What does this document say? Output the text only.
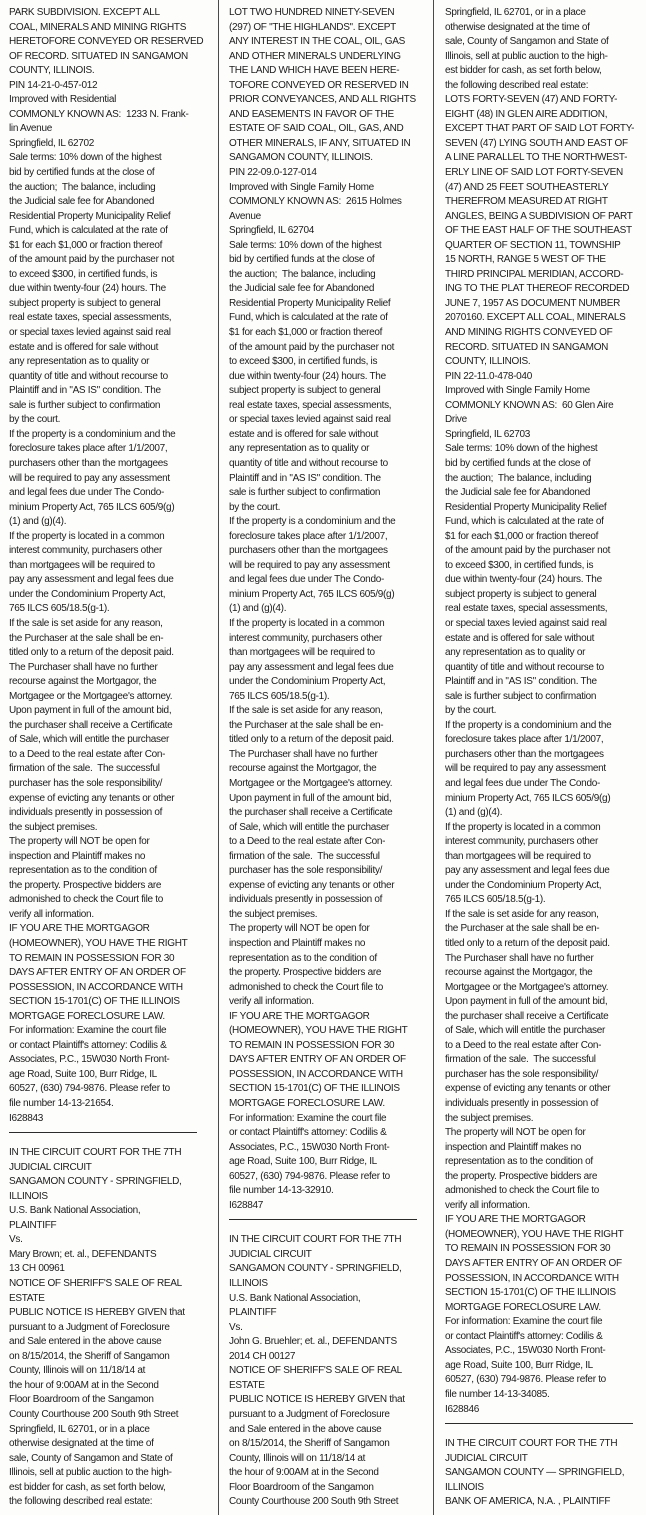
PARK SUBDIVISION. EXCEPT ALL
COAL, MINERALS AND MINING RIGHTS
HERETOFORE CONVEYED OR RESERVED
OF RECORD. SITUATED IN SANGAMON
COUNTY, ILLINOIS.
PIN 14-21-0-457-012
Improved with Residential
COMMONLY KNOWN AS:  1233 N. Frank-
lin Avenue
Springfield, IL 62702
Sale terms: 10% down of the highest
bid by certified funds at the close of
the auction;  The balance, including
the Judicial sale fee for Abandoned
Residential Property Municipality Relief
Fund, which is calculated at the rate of
$1 for each $1,000 or fraction thereof
of the amount paid by the purchaser not
to exceed $300, in certified funds, is
due within twenty-four (24) hours. The
subject property is subject to general
real estate taxes, special assessments,
or special taxes levied against said real
estate and is offered for sale without
any representation as to quality or
quantity of title and without recourse to
Plaintiff and in "AS IS" condition. The
sale is further subject to confirmation
by the court.
If the property is a condominium and the
foreclosure takes place after 1/1/2007,
purchasers other than the mortgagees
will be required to pay any assessment
and legal fees due under The Condo-
minium Property Act, 765 ILCS 605/9(g)
(1) and (g)(4).
If the property is located in a common
interest community, purchasers other
than mortgagees will be required to
pay any assessment and legal fees due
under the Condominium Property Act,
765 ILCS 605/18.5(g-1).
If the sale is set aside for any reason,
the Purchaser at the sale shall be en-
titled only to a return of the deposit paid.
The Purchaser shall have no further
recourse against the Mortgagor, the
Mortgagee or the Mortgagee's attorney.
Upon payment in full of the amount bid,
the purchaser shall receive a Certificate
of Sale, which will entitle the purchaser
to a Deed to the real estate after Con-
firmation of the sale.  The successful
purchaser has the sole responsibility/
expense of evicting any tenants or other
individuals presently in possession of
the subject premises.
The property will NOT be open for
inspection and Plaintiff makes no
representation as to the condition of
the property. Prospective bidders are
admonished to check the Court file to
verify all information.
IF YOU ARE THE MORTGAGOR
(HOMEOWNER), YOU HAVE THE RIGHT
TO REMAIN IN POSSESSION FOR 30
DAYS AFTER ENTRY OF AN ORDER OF
POSSESSION, IN ACCORDANCE WITH
SECTION 15-1701(C) OF THE ILLINOIS
MORTGAGE FORECLOSURE LAW.
For information: Examine the court file
or contact Plaintiff's attorney: Codilis &
Associates, P.C., 15W030 North Front-
age Road, Suite 100, Burr Ridge, IL
60527, (630) 794-9876. Please refer to
file number 14-13-21654.
I628843
IN THE CIRCUIT COURT FOR THE 7TH
JUDICIAL CIRCUIT
SANGAMON COUNTY - SPRINGFIELD,
ILLINOIS
U.S. Bank National Association,
PLAINTIFF
Vs.
Mary Brown; et. al., DEFENDANTS
13 CH 00961
NOTICE OF SHERIFF'S SALE OF REAL
ESTATE
PUBLIC NOTICE IS HEREBY GIVEN that
pursuant to a Judgment of Foreclosure
and Sale entered in the above cause
on 8/15/2014, the Sheriff of Sangamon
County, Illinois will on 11/18/14 at
the hour of 9:00AM at in the Second
Floor Boardroom of the Sangamon
County Courthouse 200 South 9th Street
Springfield, IL 62701, or in a place
otherwise designated at the time of
sale, County of Sangamon and State of
Illinois, sell at public auction to the high-
est bidder for cash, as set forth below,
the following described real estate:
LOT TWO HUNDRED NINETY-SEVEN
(297) OF "THE HIGHLANDS". EXCEPT
ANY INTEREST IN THE COAL, OIL, GAS
AND OTHER MINERALS UNDERLYING
THE LAND WHICH HAVE BEEN HERE-
TOFORE CONVEYED OR RESERVED IN
PRIOR CONVEYANCES, AND ALL RIGHTS
AND EASEMENTS IN FAVOR OF THE
ESTATE OF SAID COAL, OIL, GAS, AND
OTHER MINERALS, IF ANY, SITUATED IN
SANGAMON COUNTY, ILLINOIS.
PIN 22-09.0-127-014
Improved with Single Family Home
COMMONLY KNOWN AS:  2615 Holmes
Avenue
Springfield, IL 62704
Sale terms: 10% down of the highest
bid by certified funds at the close of
the auction;  The balance, including
the Judicial sale fee for Abandoned
Residential Property Municipality Relief
Fund, which is calculated at the rate of
$1 for each $1,000 or fraction thereof
of the amount paid by the purchaser not
to exceed $300, in certified funds, is
due within twenty-four (24) hours. The
subject property is subject to general
real estate taxes, special assessments,
or special taxes levied against said real
estate and is offered for sale without
any representation as to quality or
quantity of title and without recourse to
Plaintiff and in "AS IS" condition. The
sale is further subject to confirmation
by the court.
If the property is a condominium and the
foreclosure takes place after 1/1/2007,
purchasers other than the mortgagees
will be required to pay any assessment
and legal fees due under The Condo-
minium Property Act, 765 ILCS 605/9(g)
(1) and (g)(4).
If the property is located in a common
interest community, purchasers other
than mortgagees will be required to
pay any assessment and legal fees due
under the Condominium Property Act,
765 ILCS 605/18.5(g-1).
If the sale is set aside for any reason,
the Purchaser at the sale shall be en-
titled only to a return of the deposit paid.
The Purchaser shall have no further
recourse against the Mortgagor, the
Mortgagee or the Mortgagee's attorney.
Upon payment in full of the amount bid,
the purchaser shall receive a Certificate
of Sale, which will entitle the purchaser
to a Deed to the real estate after Con-
firmation of the sale.  The successful
purchaser has the sole responsibility/
expense of evicting any tenants or other
individuals presently in possession of
the subject premises.
The property will NOT be open for
inspection and Plaintiff makes no
representation as to the condition of
the property. Prospective bidders are
admonished to check the Court file to
verify all information.
IF YOU ARE THE MORTGAGOR
(HOMEOWNER), YOU HAVE THE RIGHT
TO REMAIN IN POSSESSION FOR 30
DAYS AFTER ENTRY OF AN ORDER OF
POSSESSION, IN ACCORDANCE WITH
SECTION 15-1701(C) OF THE ILLINOIS
MORTGAGE FORECLOSURE LAW.
For information: Examine the court file
or contact Plaintiff's attorney: Codilis &
Associates, P.C., 15W030 North Front-
age Road, Suite 100, Burr Ridge, IL
60527, (630) 794-9876. Please refer to
file number 14-13-32910.
I628847
IN THE CIRCUIT COURT FOR THE 7TH
JUDICIAL CIRCUIT
SANGAMON COUNTY - SPRINGFIELD,
ILLINOIS
U.S. Bank National Association,
PLAINTIFF
Vs.
John G. Bruehler; et. al., DEFENDANTS
2014 CH 00127
NOTICE OF SHERIFF'S SALE OF REAL
ESTATE
PUBLIC NOTICE IS HEREBY GIVEN that
pursuant to a Judgment of Foreclosure
and Sale entered in the above cause
on 8/15/2014, the Sheriff of Sangamon
County, Illinois will on 11/18/14 at
the hour of 9:00AM at in the Second
Floor Boardroom of the Sangamon
County Courthouse 200 South 9th Street
Springfield, IL 62701, or in a place
otherwise designated at the time of
sale, County of Sangamon and State of
Illinois, sell at public auction to the high-
est bidder for cash, as set forth below,
the following described real estate:
LOTS FORTY-SEVEN (47) AND FORTY-
EIGHT (48) IN GLEN AIRE ADDITION,
EXCEPT THAT PART OF SAID LOT FORTY-
SEVEN (47) LYING SOUTH AND EAST OF
A LINE PARALLEL TO THE NORTHWEST-
ERLY LINE OF SAID LOT FORTY-SEVEN
(47) AND 25 FEET SOUTHEASTERLY
THEREFROM MEASURED AT RIGHT
ANGLES, BEING A SUBDIVISION OF PART
OF THE EAST HALF OF THE SOUTHEAST
QUARTER OF SECTION 11, TOWNSHIP
15 NORTH, RANGE 5 WEST OF THE
THIRD PRINCIPAL MERIDIAN, ACCORD-
ING TO THE PLAT THEREOF RECORDED
JUNE 7, 1957 AS DOCUMENT NUMBER
2070160. EXCEPT ALL COAL, MINERALS
AND MINING RIGHTS CONVEYED OF
RECORD. SITUATED IN SANGAMON
COUNTY, ILLINOIS.
PIN 22-11.0-478-040
Improved with Single Family Home
COMMONLY KNOWN AS:  60 Glen Aire
Drive
Springfield, IL 62703
Sale terms: 10% down of the highest
bid by certified funds at the close of
the auction;  The balance, including
the Judicial sale fee for Abandoned
Residential Property Municipality Relief
Fund, which is calculated at the rate of
$1 for each $1,000 or fraction thereof
of the amount paid by the purchaser not
to exceed $300, in certified funds, is
due within twenty-four (24) hours. The
subject property is subject to general
real estate taxes, special assessments,
or special taxes levied against said real
estate and is offered for sale without
any representation as to quality or
quantity of title and without recourse to
Plaintiff and in "AS IS" condition. The
sale is further subject to confirmation
by the court.
If the property is a condominium and the
foreclosure takes place after 1/1/2007,
purchasers other than the mortgagees
will be required to pay any assessment
and legal fees due under The Condo-
minium Property Act, 765 ILCS 605/9(g)
(1) and (g)(4).
If the property is located in a common
interest community, purchasers other
than mortgagees will be required to
pay any assessment and legal fees due
under the Condominium Property Act,
765 ILCS 605/18.5(g-1).
If the sale is set aside for any reason,
the Purchaser at the sale shall be en-
titled only to a return of the deposit paid.
The Purchaser shall have no further
recourse against the Mortgagor, the
Mortgagee or the Mortgagee's attorney.
Upon payment in full of the amount bid,
the purchaser shall receive a Certificate
of Sale, which will entitle the purchaser
to a Deed to the real estate after Con-
firmation of the sale.  The successful
purchaser has the sole responsibility/
expense of evicting any tenants or other
individuals presently in possession of
the subject premises.
The property will NOT be open for
inspection and Plaintiff makes no
representation as to the condition of
the property. Prospective bidders are
admonished to check the Court file to
verify all information.
IF YOU ARE THE MORTGAGOR
(HOMEOWNER), YOU HAVE THE RIGHT
TO REMAIN IN POSSESSION FOR 30
DAYS AFTER ENTRY OF AN ORDER OF
POSSESSION, IN ACCORDANCE WITH
SECTION 15-1701(C) OF THE ILLINOIS
MORTGAGE FORECLOSURE LAW.
For information: Examine the court file
or contact Plaintiff's attorney: Codilis &
Associates, P.C., 15W030 North Front-
age Road, Suite 100, Burr Ridge, IL
60527, (630) 794-9876. Please refer to
file number 14-13-34085.
I628846
IN THE CIRCUIT COURT FOR THE 7TH
JUDICIAL CIRCUIT
SANGAMON COUNTY — SPRINGFIELD,
ILLINOIS
BANK OF AMERICA, N.A. , PLAINTIFF
